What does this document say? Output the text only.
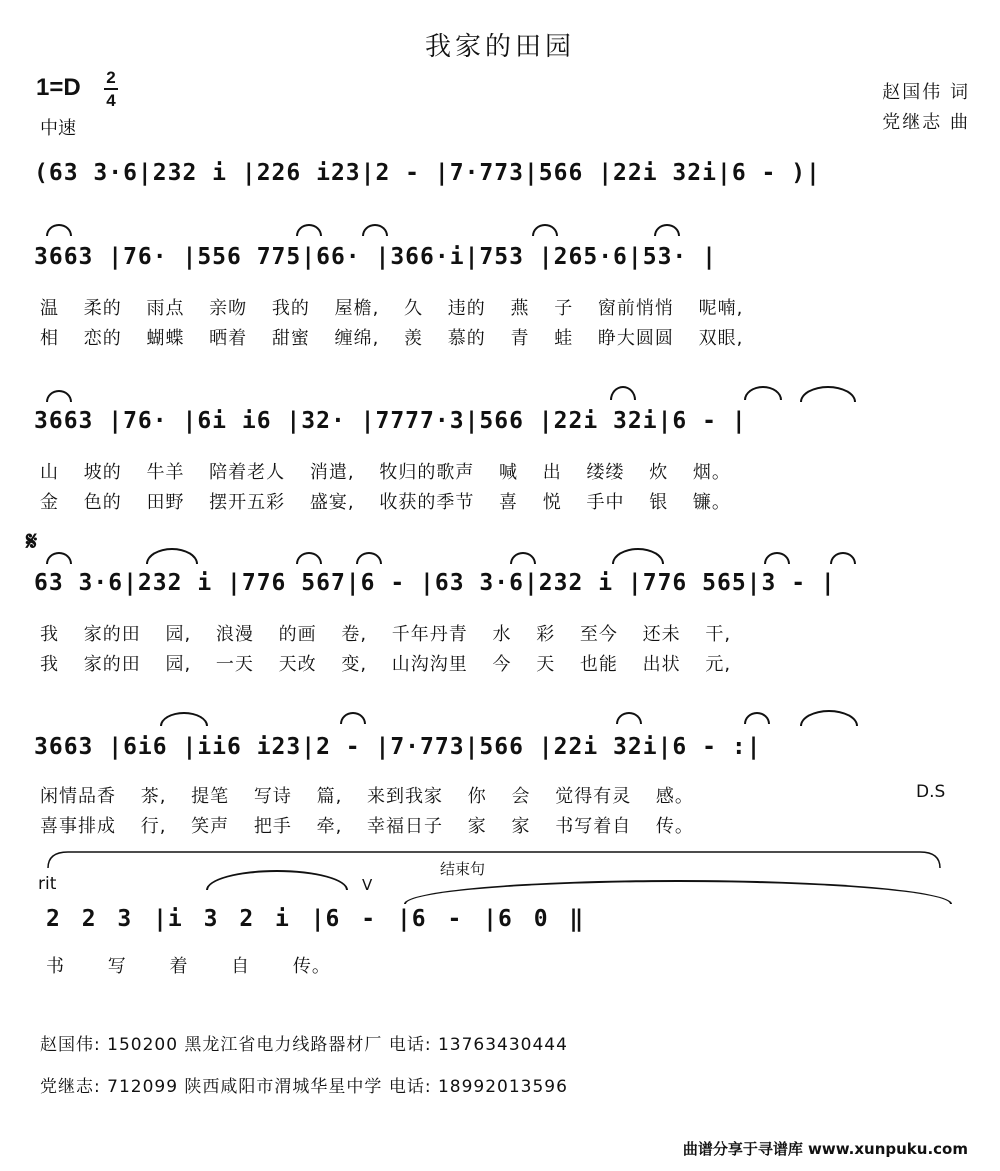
我家的田园
1=D 2
4
中速
赵国伟 词
党继志 曲
(63 3·6|232 i |226 i23|2 - |7·773|566 |22i 32i|6 - )|
3663 |76· |556 775|66· |366·i|753 |265·6|53· |
温 柔的 雨点 亲吻 我的 屋檐, 久 违的 燕 子 窗前悄悄 呢喃,
相 恋的 蝴蝶 晒着 甜蜜 缠绵, 羡 慕的 青 蛙 睁大圆圆 双眼,
3663 |76· |6i i6 |32· |7777·3|566 |22i 32i|6 - |
山 坡的 牛羊 陪着老人 消遣, 牧归的歌声 喊 出 缕缕 炊 烟。
金 色的 田野 摆开五彩 盛宴, 收获的季节 喜 悦 手中 银 镰。
𝄋
63 3·6|232 i |776 567|6 - |63 3·6|232 i |776 565|3 - |
我 家的田 园, 浪漫 的画 卷, 千年丹青 水 彩 至今 还未 干,
我 家的田 园, 一天 天改 变, 山沟沟里 今 天 也能 出状 元,
3663 |6i6 |ii6 i23|2 - |7·773|566 |22i 32i|6 - :|
闲情品香 茶, 提笔 写诗 篇, 来到我家 你 会 觉得有灵 感。	D.S
喜事排成 行, 笑声 把手 牵, 幸福日子 家 家 书写着自 传。
结束句
rit	V
2 2 3 |i 3 2 i |6 - |6 - |6 0 ‖
书 写 着 自 传。
赵国伟: 150200 黑龙江省电力线路器材厂 电话: 13763430444
党继志: 712099 陕西咸阳市渭城华星中学 电话: 18992013596
曲谱分享于寻谱库 www.xunpuku.com
